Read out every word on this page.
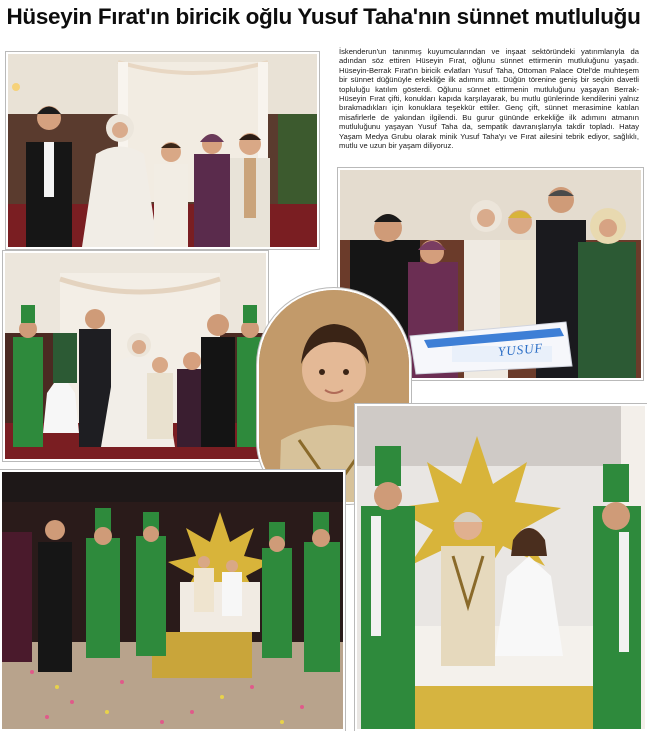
Hüseyin Fırat'ın biricik oğlu Yusuf Taha'nın sünnet mutluluğu
İskenderun'un tanınmış kuyumcularından ve inşaat sektöründeki yatırımlarıyla da adından söz ettiren Hüseyin Fırat, oğlunu sünnet ettirmenin mutluluğunu yaşadı. Hüseyin-Berrak Fırat'ın biricik evlatları Yusuf Taha, Ottoman Palace Otel'de muhteşem bir sünnet düğünüyle erkekliğe ilk adımını attı. Düğün törenine geniş bir seçkin davetli topluluğu katılım gösterdi. Oğlunu sünnet ettirmenin mutluluğunu yaşayan Berrak-Hüseyin Fırat çifti, konukları kapıda karşılayarak, bu mutlu günlerinde kendilerini yalnız bırakmadıkları için konuklara teşekkür ettiler. Genç çift, sünnet merasimine katılan misafirlerle de yakından ilgilendi. Bu gurur gününde erkekliğe ilk adımını atmanın mutluluğunu yaşayan Yusuf Taha da, sempatik davranışlarıyla takdir topladı. Hatay Yaşam Medya Grubu olarak minik Yusuf Taha'yı ve Fırat ailesini tebrik ediyor, sağlıklı, mutlu ve uzun bir yaşam diliyoruz.
YUSUF
